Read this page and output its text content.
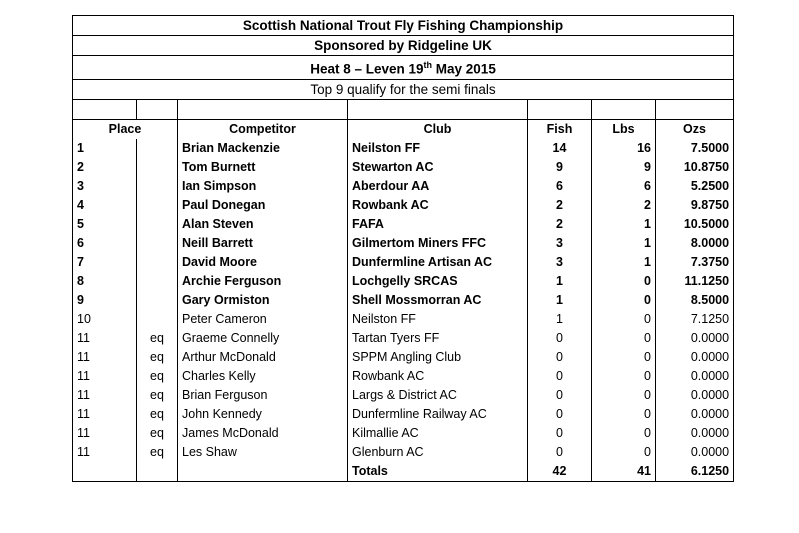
Scottish National Trout Fly Fishing Championship						
Sponsored by Ridgeline UK						
Heat 8 – Leven 19th May 2015						
Top 9 qualify for the semi finals						

Place		Competitor	Club	Fish	Lbs	Ozs
1		Brian Mackenzie	Neilston FF	14	16	7.5000
2		Tom Burnett	Stewarton AC	9	9	10.8750
3		Ian Simpson	Aberdour AA	6	6	5.2500
4		Paul Donegan	Rowbank AC	2	2	9.8750
5		Alan Steven	FAFA	2	1	10.5000
6		Neill Barrett	Gilmertom Miners FFC	3	1	8.0000
7		David Moore	Dunfermline Artisan AC	3	1	7.3750
8		Archie Ferguson	Lochgelly SRCAS	1	0	11.1250
9		Gary Ormiston	Shell Mossmorran AC	1	0	8.5000
10		Peter Cameron	Neilston FF	1	0	7.1250
11	eq	Graeme Connelly	Tartan Tyers FF	0	0	0.0000
11	eq	Arthur McDonald	SPPM Angling Club	0	0	0.0000
11	eq	Charles Kelly	Rowbank AC	0	0	0.0000
11	eq	Brian Ferguson	Largs & District AC	0	0	0.0000
11	eq	John Kennedy	Dunfermline Railway AC	0	0	0.0000
11	eq	James McDonald	Kilmallie AC	0	0	0.0000
11	eq	Les Shaw	Glenburn AC	0	0	0.0000
			Totals	42	41	6.1250
